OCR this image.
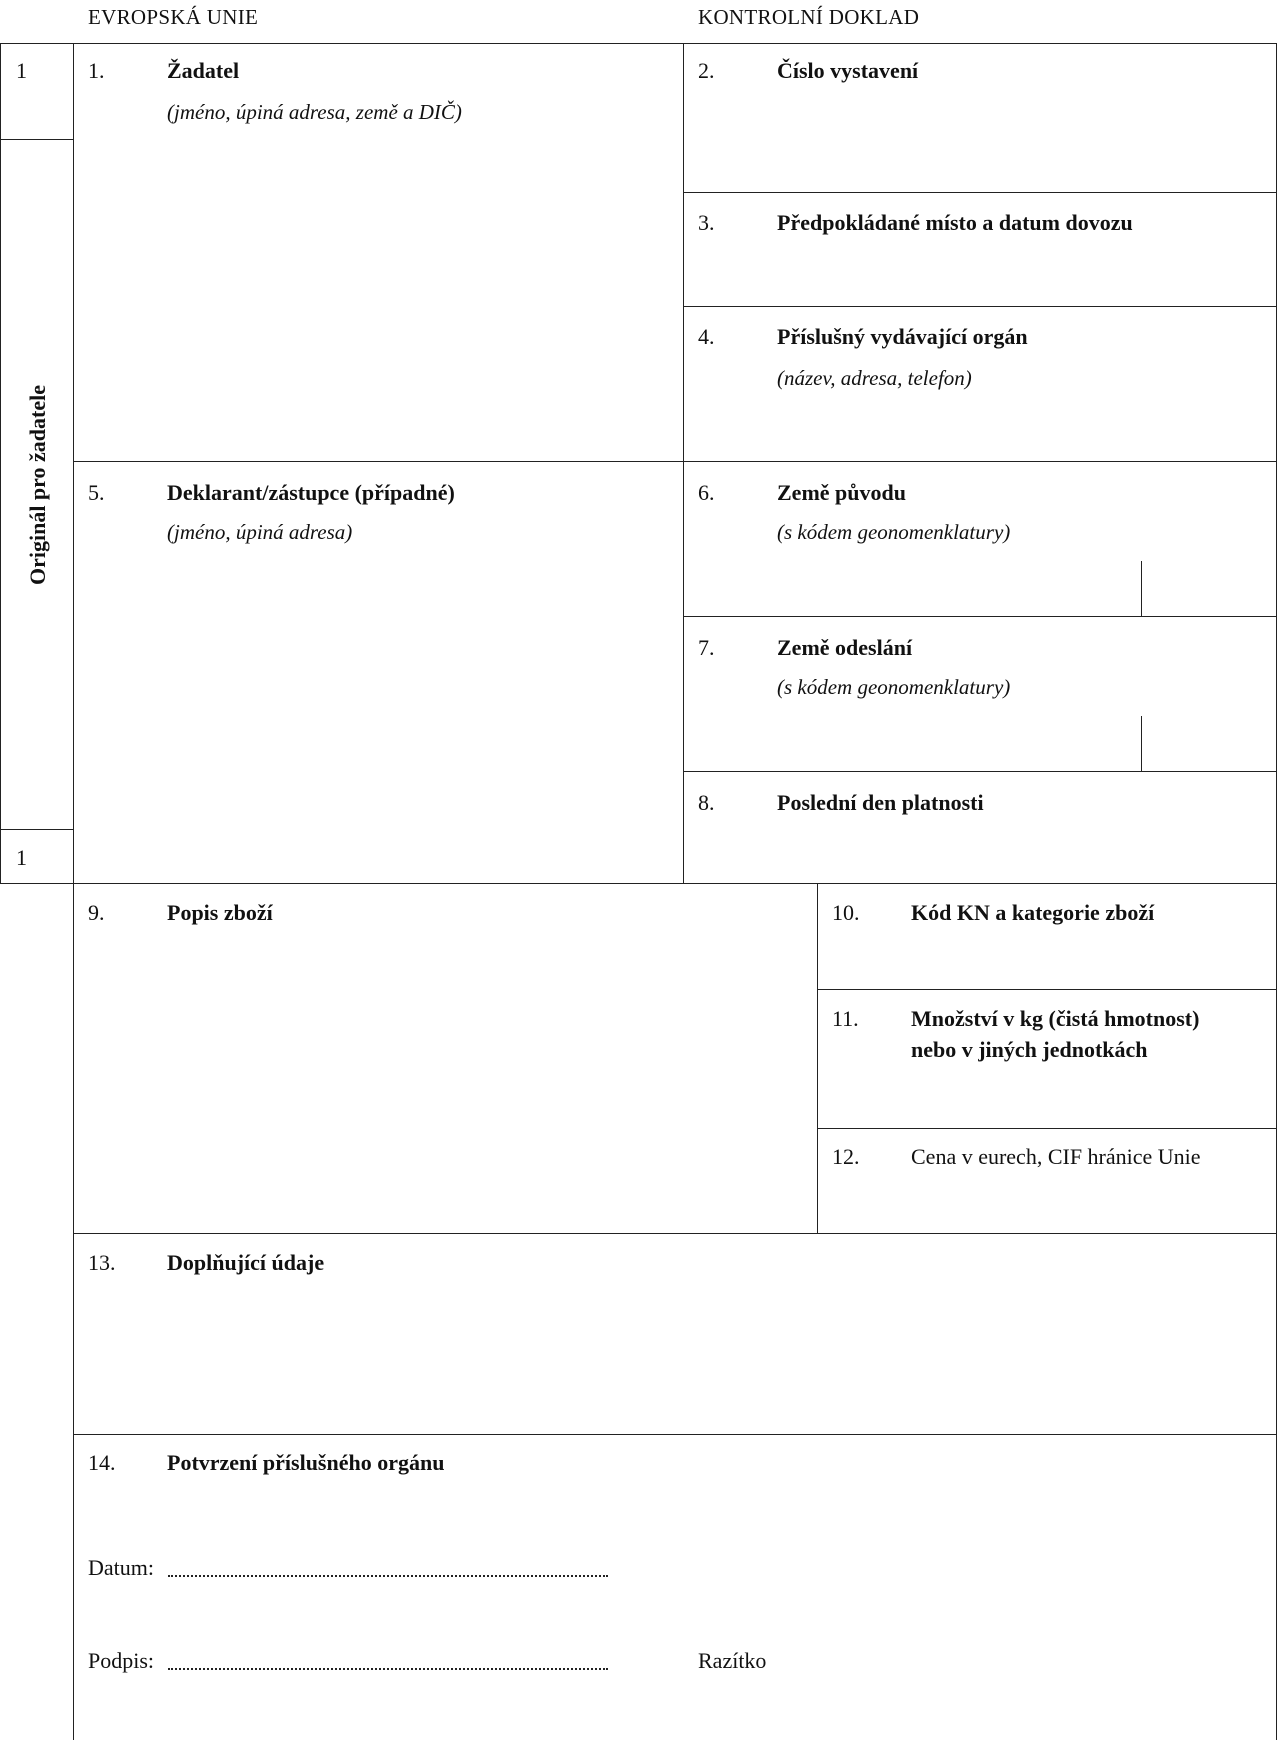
EVROPSKÁ UNIE	KONTROLNÍ DOKLAD
1
Originál pro žadatele
1
1.	Žadatel
(jméno, úpiná adresa, země a DIČ)
2.	Číslo vystavení
3.	Předpokládané místo a datum dovozu
4.	Příslušný vydávající orgán
(název, adresa, telefon)
5.	Deklarant/zástupce (případné)
(jméno, úpiná adresa)
6.	Země původu
(s kódem geonomenklatury)
7.	Země odeslání
(s kódem geonomenklatury)
8.	Poslední den platnosti
9.	Popis zboží	10. Kód KN a kategorie zboží
11. Množství v kg (čistá hmotnost)
nebo v jiných jednotkách
12. Cena v eurech, CIF hránice Unie
13. Doplňující údaje
14. Potvrzení příslušného orgánu
Datum:
Podpis:	Razítko
